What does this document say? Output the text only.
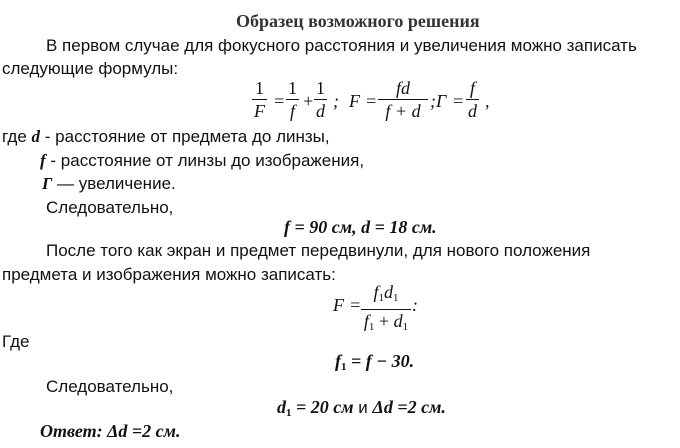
Образец возможного решения
В первом случае для фокусного расстояния и увеличения можно записать
следующие формулы:
1
F =
1
f +
1
d ; F =
fd
f + d ; Γ =
f
d ,
где d - расстояние от предмета до линзы,
f - расстояние от линзы до изображения,
Г — увеличение.
Следовательно,
f = 90 см, d = 18 см.
После того как экран и предмет передвинули, для нового положения
предмета и изображения можно записать:
F =
$f_1d_1$
$f_1 + d_1$
:
Где
$f_1 = f - 30$.
Следовательно,
$d_1 = 20$ см и Δd =2 см.
Ответ: Δd =2 см.
